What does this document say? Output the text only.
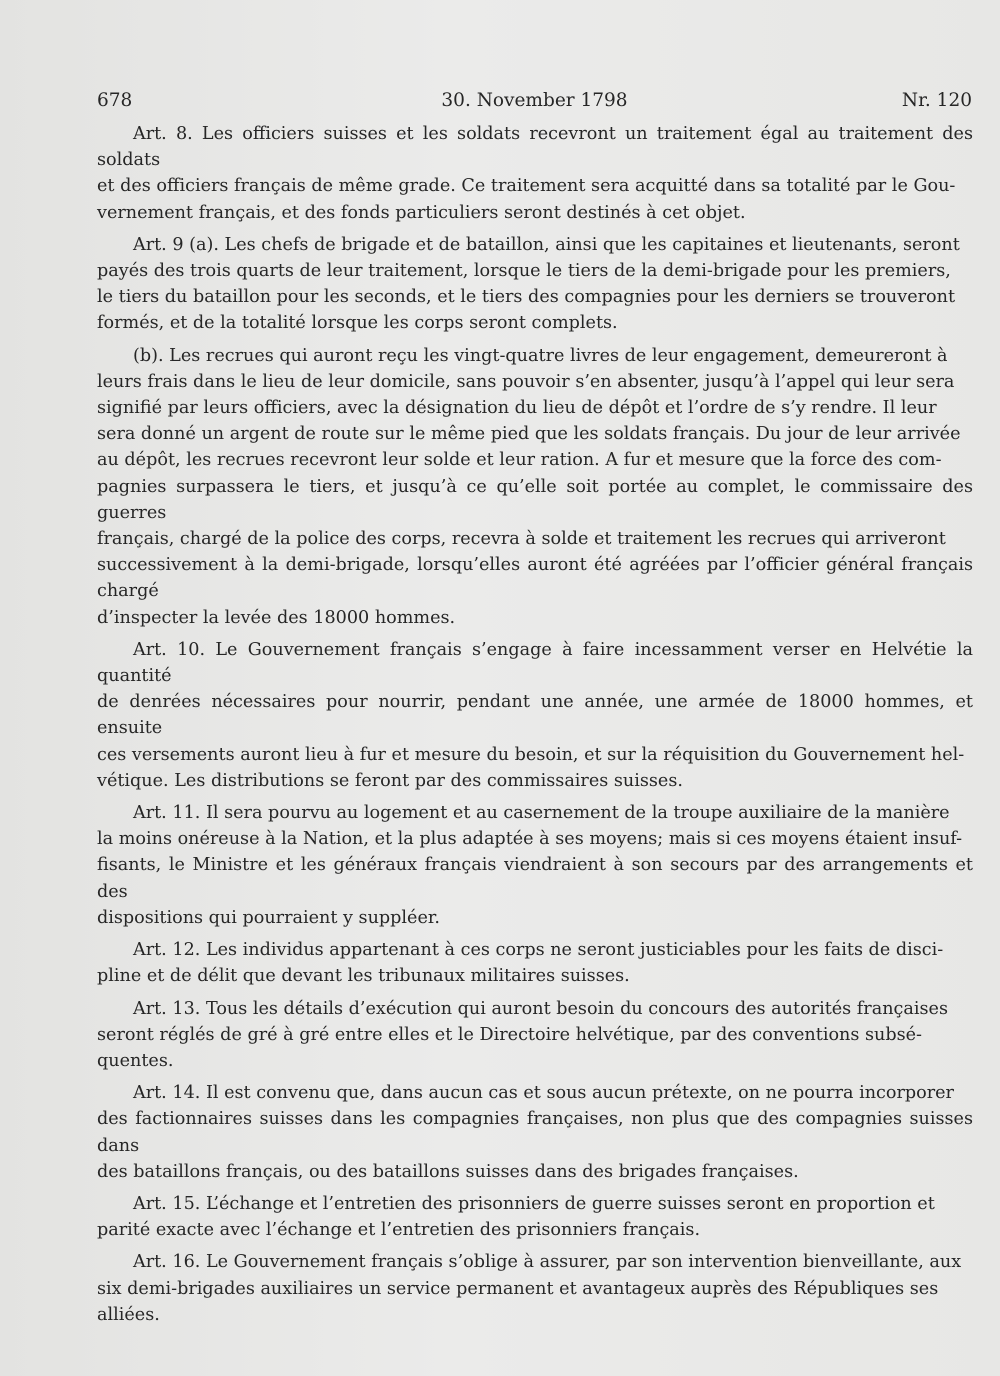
678	30. November 1798	Nr. 120

Art. 8. Les officiers suisses et les soldats recevront un traitement égal au traitement des soldats
et des officiers français de même grade. Ce traitement sera acquitté dans sa totalité par le Gou-
vernement français, et des fonds particuliers seront destinés à cet objet.

Art. 9 (a). Les chefs de brigade et de bataillon, ainsi que les capitaines et lieutenants, seront
payés des trois quarts de leur traitement, lorsque le tiers de la demi-brigade pour les premiers,
le tiers du bataillon pour les seconds, et le tiers des compagnies pour les derniers se trouveront
formés, et de la totalité lorsque les corps seront complets.

(b). Les recrues qui auront reçu les vingt-quatre livres de leur engagement, demeureront à
leurs frais dans le lieu de leur domicile, sans pouvoir s’en absenter, jusqu’à l’appel qui leur sera
signifié par leurs officiers, avec la désignation du lieu de dépôt et l’ordre de s’y rendre. Il leur
sera donné un argent de route sur le même pied que les soldats français. Du jour de leur arrivée
au dépôt, les recrues recevront leur solde et leur ration. A fur et mesure que la force des com-
pagnies surpassera le tiers, et jusqu’à ce qu’elle soit portée au complet, le commissaire des guerres
français, chargé de la police des corps, recevra à solde et traitement les recrues qui arriveront
successivement à la demi-brigade, lorsqu’elles auront été agréées par l’officier général français chargé
d’inspecter la levée des 18000 hommes.

Art. 10. Le Gouvernement français s’engage à faire incessamment verser en Helvétie la quantité
de denrées nécessaires pour nourrir, pendant une année, une armée de 18000 hommes, et ensuite
ces versements auront lieu à fur et mesure du besoin, et sur la réquisition du Gouvernement hel-
vétique. Les distributions se feront par des commissaires suisses.

Art. 11. Il sera pourvu au logement et au casernement de la troupe auxiliaire de la manière
la moins onéreuse à la Nation, et la plus adaptée à ses moyens; mais si ces moyens étaient insuf-
fisants, le Ministre et les généraux français viendraient à son secours par des arrangements et des
dispositions qui pourraient y suppléer.

Art. 12. Les individus appartenant à ces corps ne seront justiciables pour les faits de disci-
pline et de délit que devant les tribunaux militaires suisses.

Art. 13. Tous les détails d’exécution qui auront besoin du concours des autorités françaises
seront réglés de gré à gré entre elles et le Directoire helvétique, par des conventions subsé-
quentes.

Art. 14. Il est convenu que, dans aucun cas et sous aucun prétexte, on ne pourra incorporer
des factionnaires suisses dans les compagnies françaises, non plus que des compagnies suisses dans
des bataillons français, ou des bataillons suisses dans des brigades françaises.

Art. 15. L’échange et l’entretien des prisonniers de guerre suisses seront en proportion et
parité exacte avec l’échange et l’entretien des prisonniers français.

Art. 16. Le Gouvernement français s’oblige à assurer, par son intervention bienveillante, aux
six demi-brigades auxiliaires un service permanent et avantageux auprès des Républiques ses
alliées.
